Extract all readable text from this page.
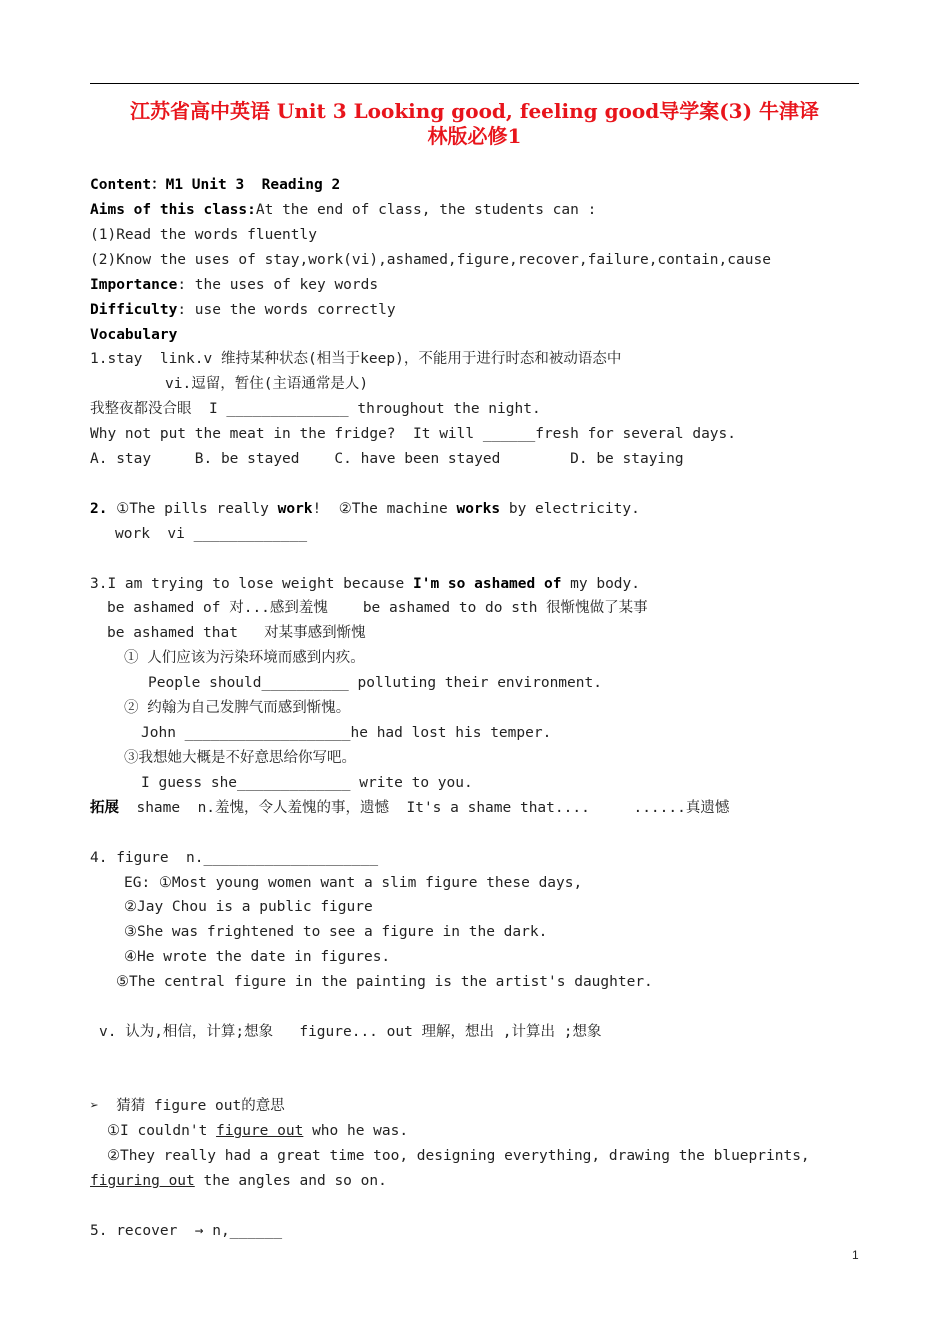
江苏省高中英语 Unit 3 Looking good, feeling good导学案(3) 牛津译
林版必修1
Content：M1 Unit 3  Reading 2
Aims of this class:At the end of class, the students can :
(1)Read the words fluently
(2)Know the uses of stay,work(vi),ashamed,figure,recover,failure,contain,cause
Importance: the uses of key words
Difficulty: use the words correctly
Vocabulary
1.stay  link.v 维持某种状态(相当于keep)，不能用于进行时态和被动语态中
vi.逗留，暂住(主语通常是人)
我整夜都没合眼  I ______________ throughout the night.
Why not put the meat in the fridge?  It will ______fresh for several days.
A. stay     B. be stayed    C. have been stayed        D. be staying
2. ①The pills really work!  ②The machine works by electricity.
work  vi _____________
3.I am trying to lose weight because I'm so ashamed of my body.
be ashamed of 对...感到羞愧    be ashamed to do sth 很惭愧做了某事
be ashamed that   对某事感到惭愧
① 人们应该为污染环境而感到内疚。
People should__________ polluting their environment.
② 约翰为自己发脾气而感到惭愧。
John ___________________he had lost his temper.
③我想她大概是不好意思给你写吧。
I guess she_____________ write to you.
拓展  shame  n.羞愧，令人羞愧的事，遗憾  It's a shame that....     ......真遗憾
4. figure  n.____________________
EG: ①Most young women want a slim figure these days,
②Jay Chou is a public figure
③She was frightened to see a figure in the dark.
④He wrote the date in figures.
⑤The central figure in the painting is the artist's daughter.
v. 认为,相信，计算;想象   figure... out 理解，想出 ,计算出 ;想象
➢  猜猜 figure out的意思
①I couldn't figure out who he was.
②They really had a great time too, designing everything, drawing the blueprints,
figuring out the angles and so on.
5. recover  → n,______
1
